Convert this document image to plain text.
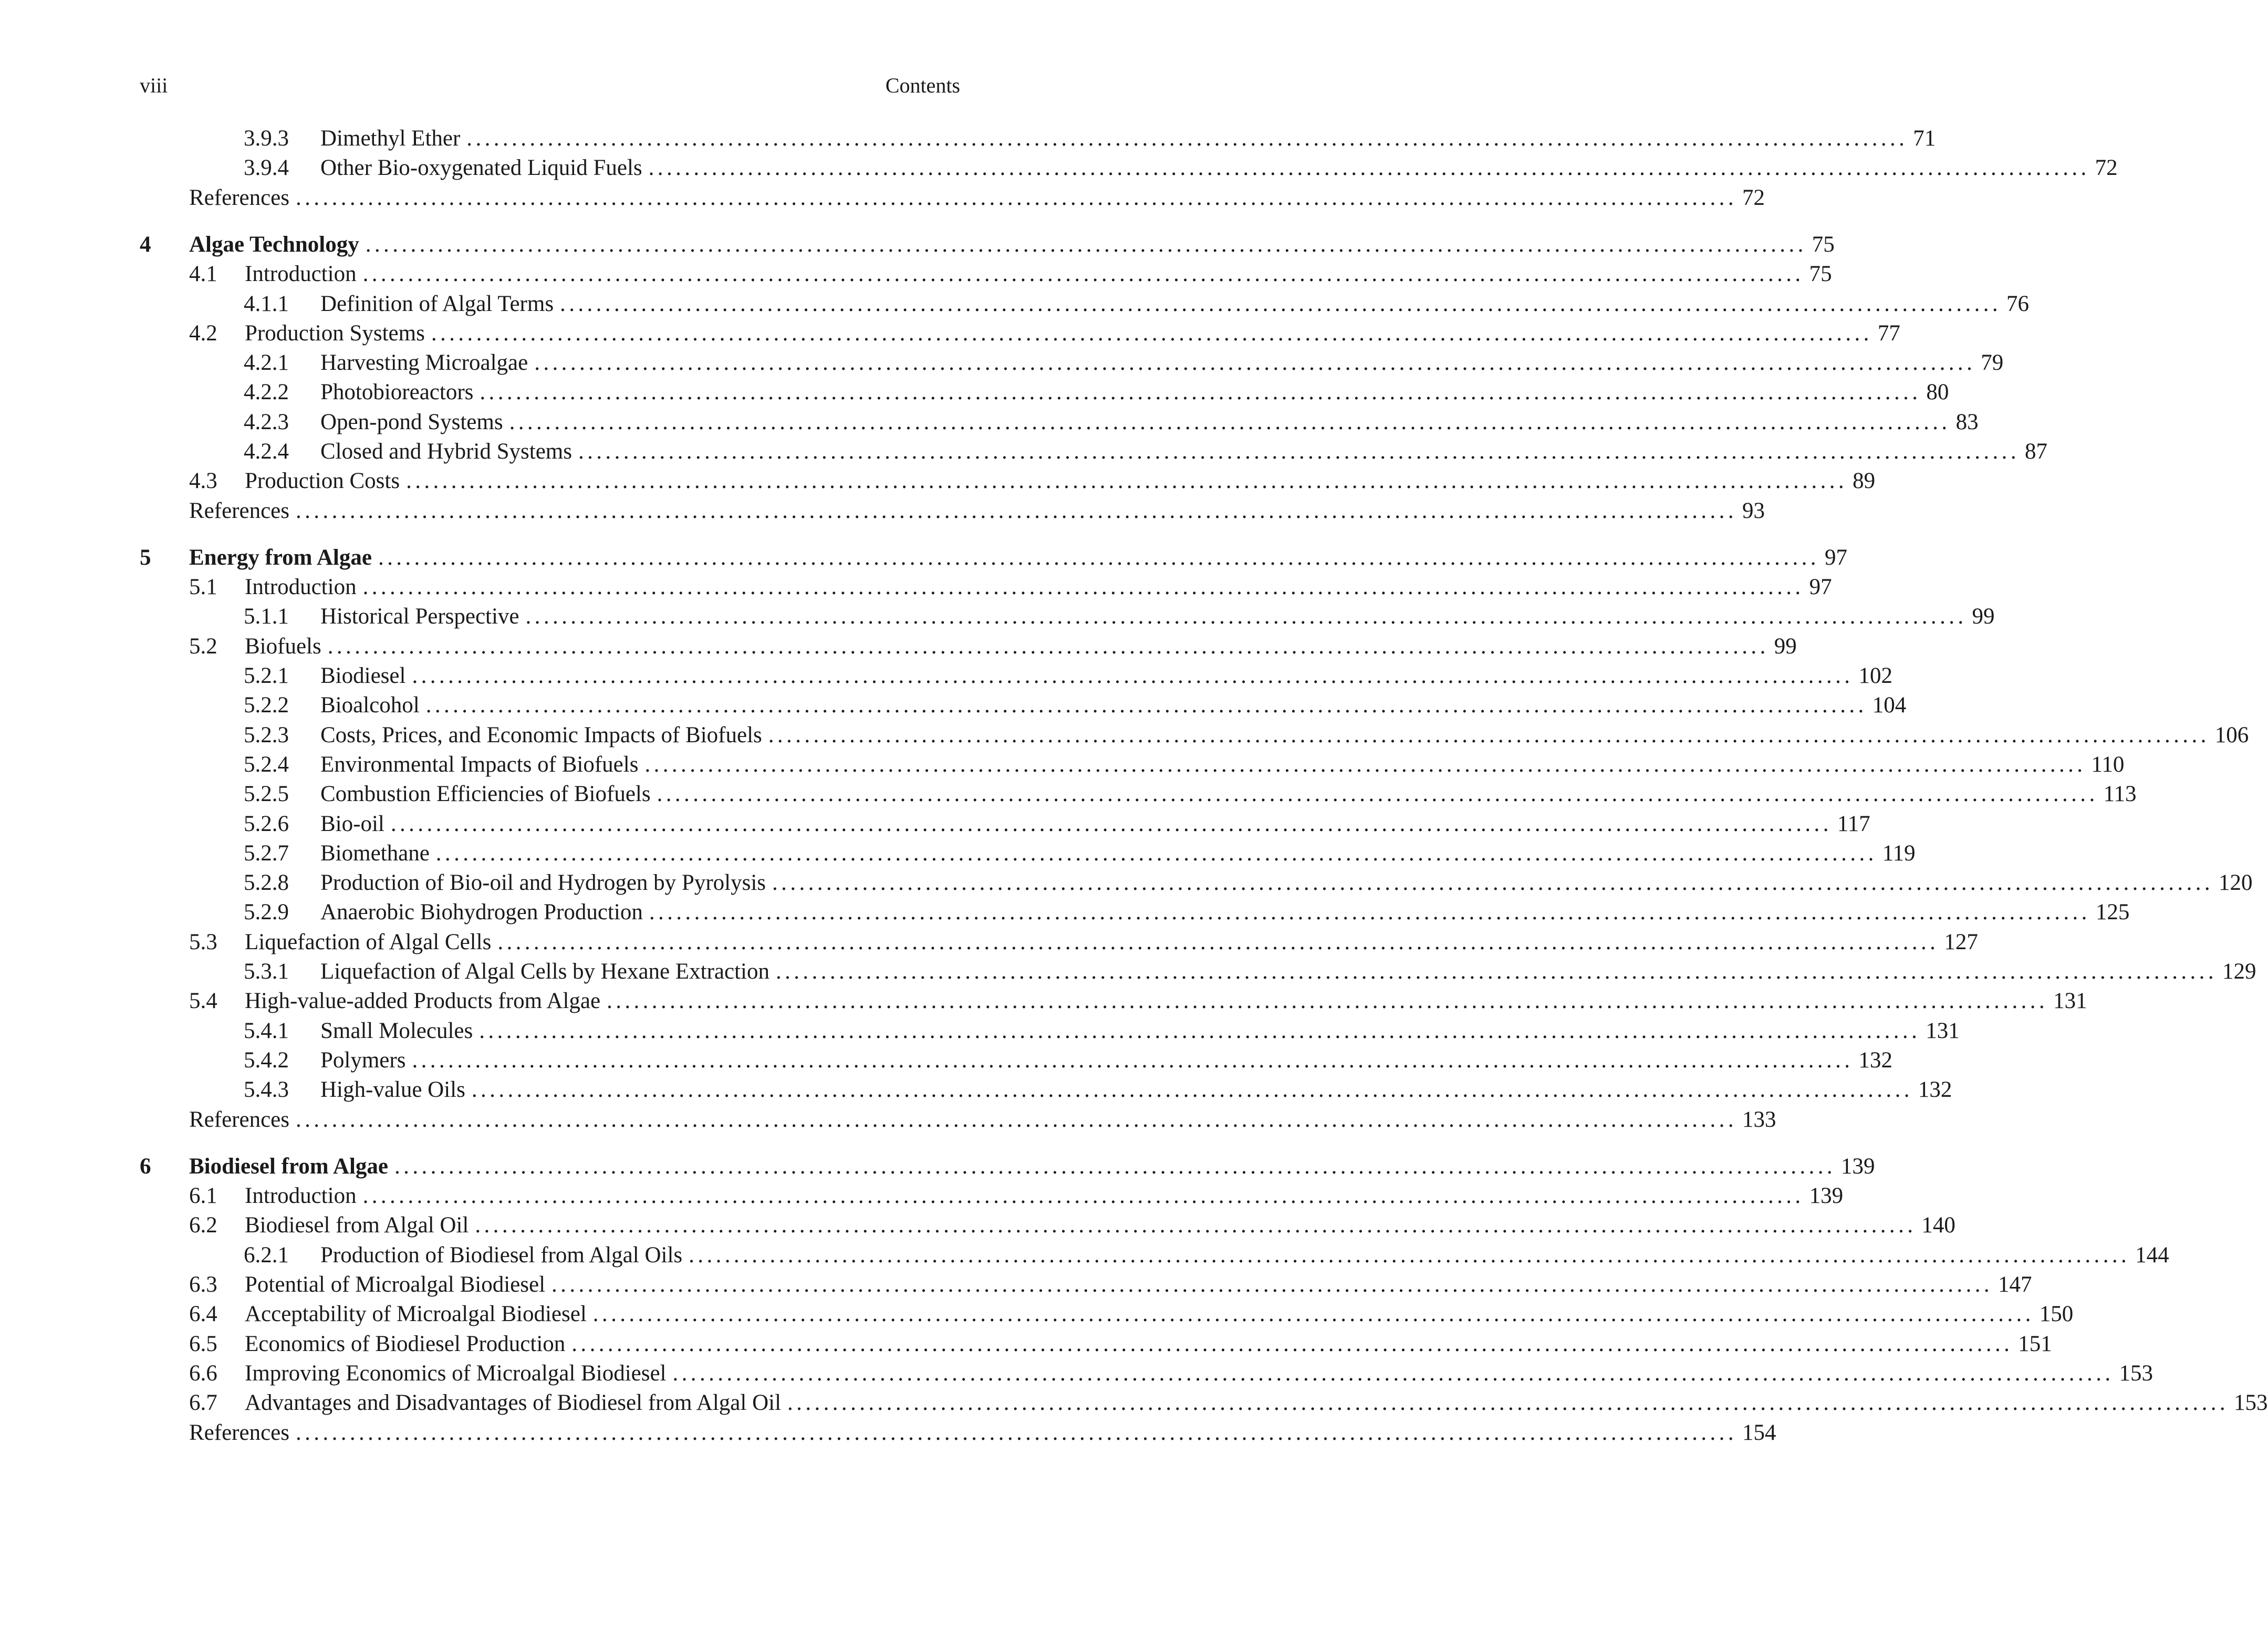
viii	Contents
3.9.3 Dimethyl Ether ................................................................................................................................................................ 71
3.9.4 Other Bio-oxygenated Liquid Fuels ................................................................................................................................................................ 72
References ................................................................................................................................................................ 72
4 Algae Technology ................................................................................................................................................................ 75
4.1 Introduction ................................................................................................................................................................ 75
4.1.1 Definition of Algal Terms ................................................................................................................................................................ 76
4.2 Production Systems ................................................................................................................................................................ 77
4.2.1 Harvesting Microalgae ................................................................................................................................................................ 79
4.2.2 Photobioreactors ................................................................................................................................................................ 80
4.2.3 Open-pond Systems ................................................................................................................................................................ 83
4.2.4 Closed and Hybrid Systems ................................................................................................................................................................ 87
4.3 Production Costs ................................................................................................................................................................ 89
References ................................................................................................................................................................ 93
5 Energy from Algae ................................................................................................................................................................ 97
5.1 Introduction ................................................................................................................................................................ 97
5.1.1 Historical Perspective ................................................................................................................................................................ 99
5.2 Biofuels ................................................................................................................................................................ 99
5.2.1 Biodiesel ................................................................................................................................................................ 102
5.2.2 Bioalcohol ................................................................................................................................................................ 104
5.2.3 Costs, Prices, and Economic Impacts of Biofuels ................................................................................................................................................................ 106
5.2.4 Environmental Impacts of Biofuels ................................................................................................................................................................ 110
5.2.5 Combustion Efficiencies of Biofuels ................................................................................................................................................................ 113
5.2.6 Bio-oil ................................................................................................................................................................ 117
5.2.7 Biomethane ................................................................................................................................................................ 119
5.2.8 Production of Bio-oil and Hydrogen by Pyrolysis ................................................................................................................................................................ 120
5.2.9 Anaerobic Biohydrogen Production ................................................................................................................................................................ 125
5.3 Liquefaction of Algal Cells ................................................................................................................................................................ 127
5.3.1 Liquefaction of Algal Cells by Hexane Extraction ................................................................................................................................................................ 129
5.4 High-value-added Products from Algae ................................................................................................................................................................ 131
5.4.1 Small Molecules ................................................................................................................................................................ 131
5.4.2 Polymers ................................................................................................................................................................ 132
5.4.3 High-value Oils ................................................................................................................................................................ 132
References ................................................................................................................................................................ 133
6 Biodiesel from Algae ................................................................................................................................................................ 139
6.1 Introduction ................................................................................................................................................................ 139
6.2 Biodiesel from Algal Oil ................................................................................................................................................................ 140
6.2.1 Production of Biodiesel from Algal Oils ................................................................................................................................................................ 144
6.3 Potential of Microalgal Biodiesel ................................................................................................................................................................ 147
6.4 Acceptability of Microalgal Biodiesel ................................................................................................................................................................ 150
6.5 Economics of Biodiesel Production ................................................................................................................................................................ 151
6.6 Improving Economics of Microalgal Biodiesel ................................................................................................................................................................ 153
6.7 Advantages and Disadvantages of Biodiesel from Algal Oil ................................................................................................................................................................ 153
References ................................................................................................................................................................ 154
